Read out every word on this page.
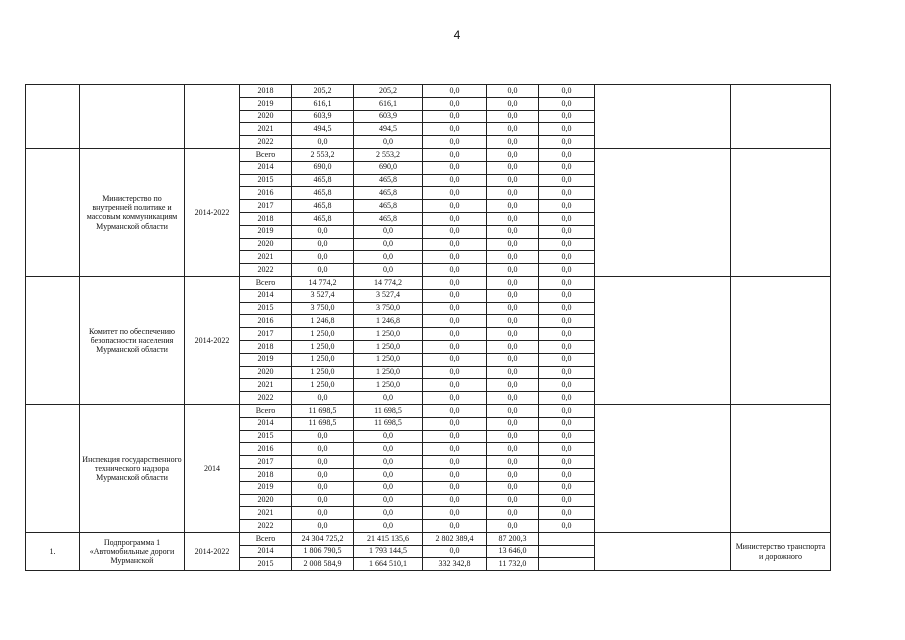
4
			2018	205,2	205,2	0,0	0,0	0,0		
			2019	616,1	616,1	0,0	0,0	0,0		
			2020	603,9	603,9	0,0	0,0	0,0		
			2021	494,5	494,5	0,0	0,0	0,0		
			2022	0,0	0,0	0,0	0,0	0,0		
	Министерство по внутренней политике и массовым коммуникациям Мурманской области	2014-2022	Всего	2 553,2	2 553,2	0,0	0,0	0,0		
			2014	690,0	690,0	0,0	0,0	0,0		
			2015	465,8	465,8	0,0	0,0	0,0		
			2016	465,8	465,8	0,0	0,0	0,0		
			2017	465,8	465,8	0,0	0,0	0,0		
			2018	465,8	465,8	0,0	0,0	0,0		
			2019	0,0	0,0	0,0	0,0	0,0		
			2020	0,0	0,0	0,0	0,0	0,0		
			2021	0,0	0,0	0,0	0,0	0,0		
			2022	0,0	0,0	0,0	0,0	0,0		
	Комитет по обеспечению безопасности населения Мурманской области	2014-2022	Всего	14 774,2	14 774,2	0,0	0,0	0,0		
			2014	3 527,4	3 527,4	0,0	0,0	0,0		
			2015	3 750,0	3 750,0	0,0	0,0	0,0		
			2016	1 246,8	1 246,8	0,0	0,0	0,0		
			2017	1 250,0	1 250,0	0,0	0,0	0,0		
			2018	1 250,0	1 250,0	0,0	0,0	0,0		
			2019	1 250,0	1 250,0	0,0	0,0	0,0		
			2020	1 250,0	1 250,0	0,0	0,0	0,0		
			2021	1 250,0	1 250,0	0,0	0,0	0,0		
			2022	0,0	0,0	0,0	0,0	0,0		
	Инспекция государственного технического надзора Мурманской области	2014	Всего	11 698,5	11 698,5	0,0	0,0	0,0		
			2014	11 698,5	11 698,5	0,0	0,0	0,0		
			2015	0,0	0,0	0,0	0,0	0,0		
			2016	0,0	0,0	0,0	0,0	0,0		
			2017	0,0	0,0	0,0	0,0	0,0		
			2018	0,0	0,0	0,0	0,0	0,0		
			2019	0,0	0,0	0,0	0,0	0,0		
			2020	0,0	0,0	0,0	0,0	0,0		
			2021	0,0	0,0	0,0	0,0	0,0		
			2022	0,0	0,0	0,0	0,0	0,0		
1.	Подпрограмма 1 «Автомобильные дороги Мурманской	2014-2022	Всего	24 304 725,2	21 415 135,6	2 802 389,4	87 200,3			Министерство транспорта и дорожного
			2014	1 806 790,5	1 793 144,5	0,0	13 646,0			
			2015	2 008 584,9	1 664 510,1	332 342,8	11 732,0			
